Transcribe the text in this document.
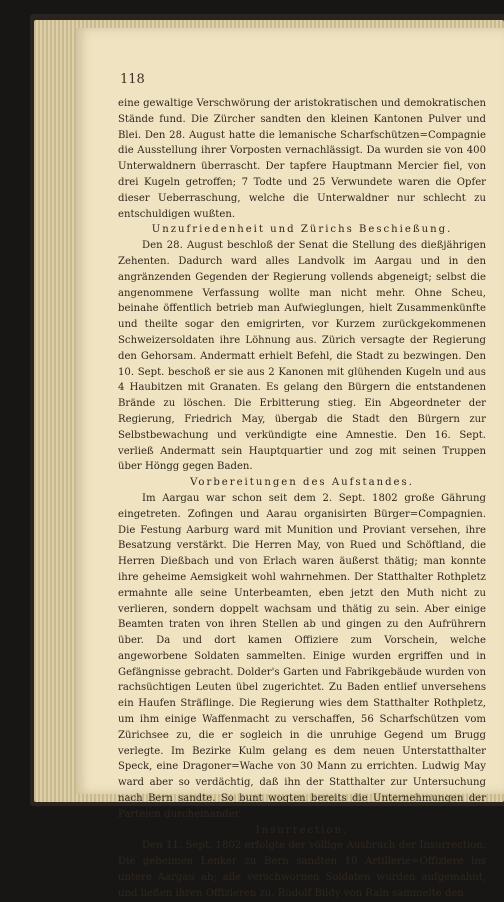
118

eine gewaltige Verschwörung der aristokratischen und demokratischen Stände fund. Die Zürcher sandten den kleinen Kantonen Pulver und Blei. Den 28. August hatte die lemanische Scharfschützen=Compagnie die Ausstellung ihrer Vorposten vernachlässigt. Da wurden sie von 400 Unterwaldnern überrascht. Der tapfere Hauptmann Mercier fiel, von drei Kugeln getroffen; 7 Todte und 25 Verwundete waren die Opfer dieser Ueberraschung, welche die Unterwaldner nur schlecht zu entschuldigen wußten.

Unzufriedenheit und Zürichs Beschießung.

Den 28. August beschloß der Senat die Stellung des dießjährigen Zehenten. Dadurch ward alles Landvolk im Aargau und in den angränzenden Gegenden der Regierung vollends abgeneigt; selbst die angenommene Verfassung wollte man nicht mehr. Ohne Scheu, beinahe öffentlich betrieb man Aufwieglungen, hielt Zusammenkünfte und theilte sogar den emigrirten, vor Kurzem zurückgekommenen Schweizersoldaten ihre Löhnung aus. Zürich versagte der Regierung den Gehorsam. Andermatt erhielt Befehl, die Stadt zu bezwingen. Den 10. Sept. beschoß er sie aus 2 Kanonen mit glühenden Kugeln und aus 4 Haubitzen mit Granaten. Es gelang den Bürgern die entstandenen Brände zu löschen. Die Erbitterung stieg. Ein Abgeordneter der Regierung, Friedrich May, übergab die Stadt den Bürgern zur Selbstbewachung und verkündigte eine Amnestie. Den 16. Sept. verließ Andermatt sein Hauptquartier und zog mit seinen Truppen über Höngg gegen Baden.

Vorbereitungen des Aufstandes.

Im Aargau war schon seit dem 2. Sept. 1802 große Gährung eingetreten. Zofingen und Aarau organisirten Bürger=Compagnien. Die Festung Aarburg ward mit Munition und Proviant versehen, ihre Besatzung verstärkt. Die Herren May, von Rued und Schöftland, die Herren Dießbach und von Erlach waren äußerst thätig; man konnte ihre geheime Aemsigkeit wohl wahrnehmen. Der Statthalter Rothpletz ermahnte alle seine Unterbeamten, eben jetzt den Muth nicht zu verlieren, sondern doppelt wachsam und thätig zu sein. Aber einige Beamten traten von ihren Stellen ab und gingen zu den Aufrührern über. Da und dort kamen Offiziere zum Vorschein, welche angeworbene Soldaten sammelten. Einige wurden ergriffen und in Gefängnisse gebracht. Dolder's Garten und Fabrikgebäude wurden von rachsüchtigen Leuten übel zugerichtet. Zu Baden entlief unversehens ein Haufen Sträflinge. Die Regierung wies dem Statthalter Rothpletz, um ihm einige Waffenmacht zu verschaffen, 56 Scharfschützen vom Zürichsee zu, die er sogleich in die unruhige Gegend um Brugg verlegte. Im Bezirke Kulm gelang es dem neuen Unterstatthalter Speck, eine Dragoner=Wache von 30 Mann zu errichten. Ludwig May ward aber so verdächtig, daß ihn der Statthalter zur Untersuchung nach Bern sandte. So bunt wogten bereits die Unternehmungen der Parteien durcheinander.

Insurrection.

Den 11. Sept. 1802 erfolgte der völlige Ausbruch der Insurrection. Die geheimen Lenker zu Bern sandten 10 Artillerie=Offiziere ins untere Aargau ab; alle verschwornen Soldaten wurden aufgemahnt, und ließen ihren Offizieren zu. Rudolf Bildy von Rain sammelte den
